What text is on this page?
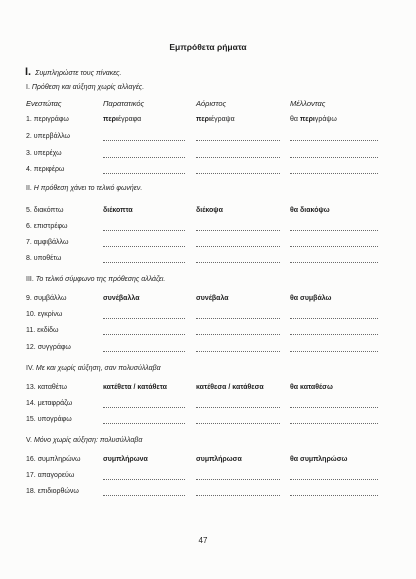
Εμπρόθετα ρήματα
I. Συμπληρώστε τους πίνακες.
I. Πρόθεση και αύξηση χωρίς αλλαγές.
Ενεστώτας	Παρατατικός	Αόριστος	Μέλλοντας
1. περιγράφω	περιέγραφα	περιέγραψα	θα περιγράψω
2. υπερβάλλω
3. υπερέχω
4. περιφέρω
II. Η πρόθεση χάνει το τελικό φωνήεν.
5. διακόπτω	διέκοπτα	διέκοψα	θα διακόψω
6. επιστρέφω
7. αμφιβάλλω
8. υποθέτω
III. Το τελικό σύμφωνο της πρόθεσης αλλάζει.
9. συμβάλλω	συνέβαλλα	συνέβαλα	θα συμβάλω
10. εγκρίνω
11. εκδίδω
12. συγγράφω
IV. Με και χωρίς αύξηση, σαν πολυσύλλαβα
13. καταθέτω	κατέθετα / κατάθετα	κατέθεσα / κατάθεσα	θα καταθέσω
14. μεταφράζω
15. υπογράφω
V. Μόνο χωρίς αύξηση: πολυσύλλαβα
16. συμπληρώνω	συμπλήρωνα	συμπλήρωσα	θα συμπληρώσω
17. απαγορεύω
18. επιδιορθώνω
47
